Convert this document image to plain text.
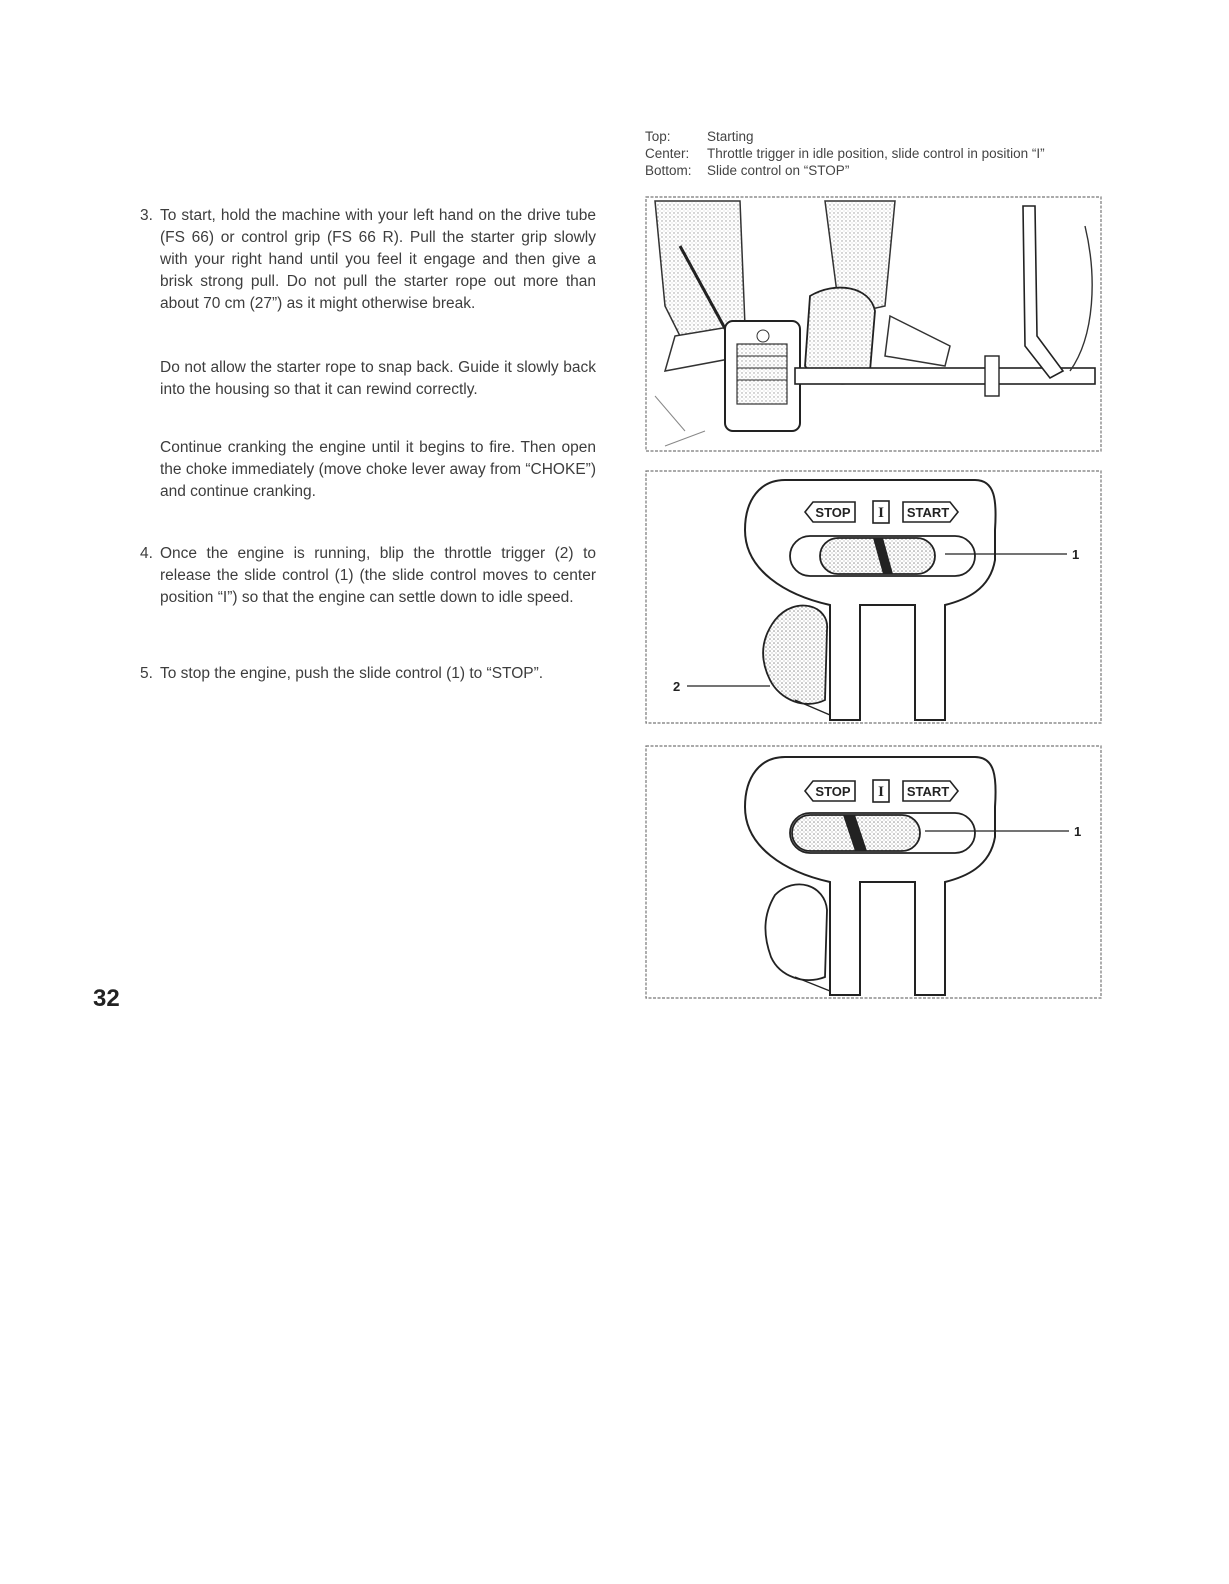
Top:	Starting
Center:	Throttle trigger in idle position, slide control in position “I”
Bottom:	Slide control on “STOP”
3. To start, hold the machine with your left hand on the drive tube (FS 66) or control grip (FS 66 R). Pull the starter grip slowly with your right hand until you feel it engage and then give a brisk strong pull. Do not pull the starter rope out more than about 70 cm (27”) as it might otherwise break.
Do not allow the starter rope to snap back. Guide it slowly back into the housing so that it can rewind correctly.
Continue cranking the engine until it begins to fire. Then open the choke immediately (move choke lever away from “CHOKE”) and continue cranking.
4. Once the engine is running, blip the throttle trigger (2) to release the slide control (1) (the slide control moves to center position “I”) so that the engine can settle down to idle speed.
5. To stop the engine, push the slide control (1) to “STOP”.
32
STOP I START
1
2
STOP I START
1
